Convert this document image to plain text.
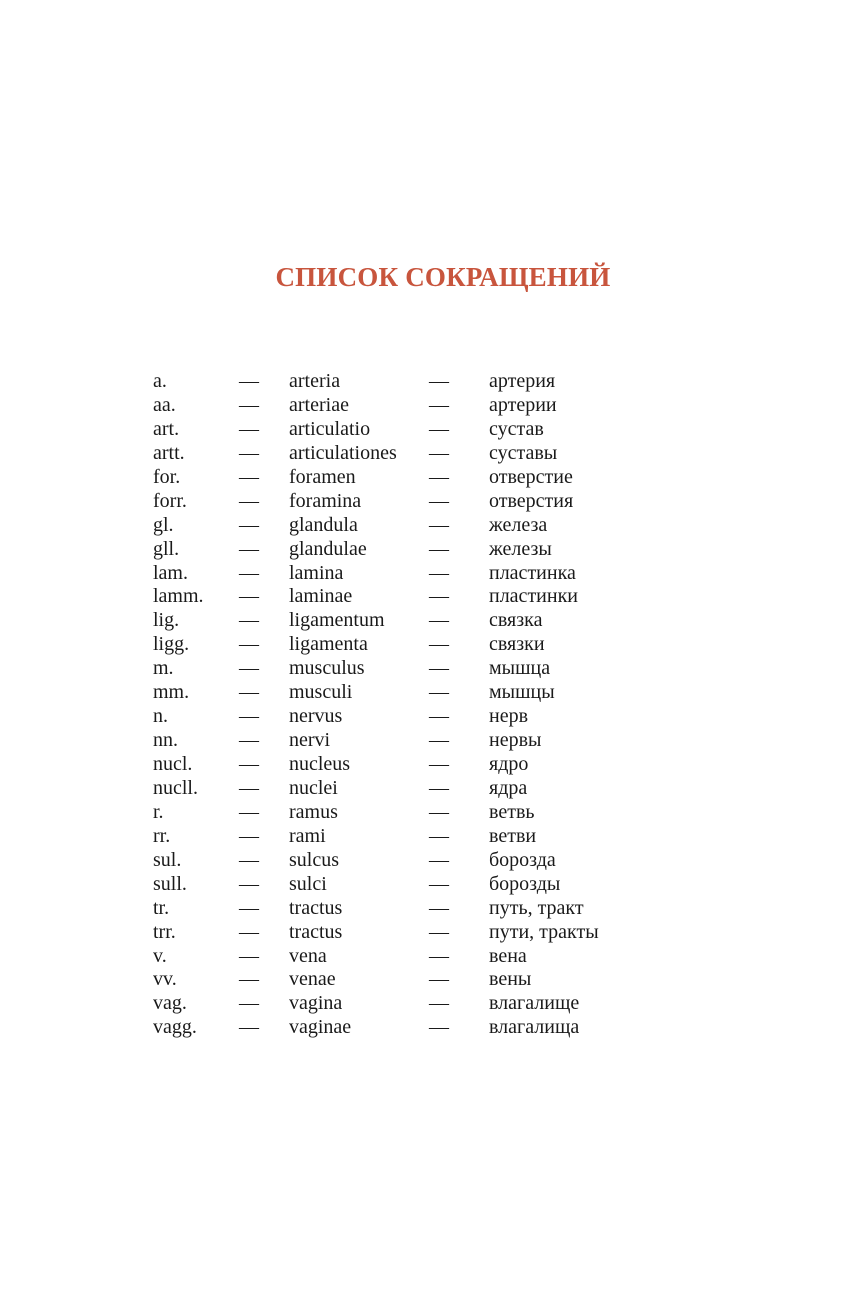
СПИСОК СОКРАЩЕНИЙ
a.	— arteria	— артерия
aa.	— arteriae	— артерии
art.	— articulatio	— сустав
artt.	— articulationes — суставы
for.	— foramen	— отверстие
forr.	— foramina	— отверстия
gl.	— glandula	— железа
gll.	— glandulae	— железы
lam.	— lamina	— пластинка
lamm. — laminae	— пластинки
lig.	— ligamentum — связка
ligg. — ligamenta	— связки
m.	— musculus	— мышца
mm. — musculi	— мышцы
n.	— nervus	— нерв
nn.	— nervi	— нервы
nucl. — nucleus	— ядро
nucll. — nuclei	— ядра
r.	— ramus	— ветвь
rr.	— rami	— ветви
sul.	— sulcus	— борозда
sull.	— sulci	— борозды
tr.	— tractus	— путь, тракт
trr.	— tractus	— пути, тракты
v.	— vena	— вена
vv.	— venae	— вены
vag.	— vagina	— влагалище
vagg. — vaginae	— влагалища
